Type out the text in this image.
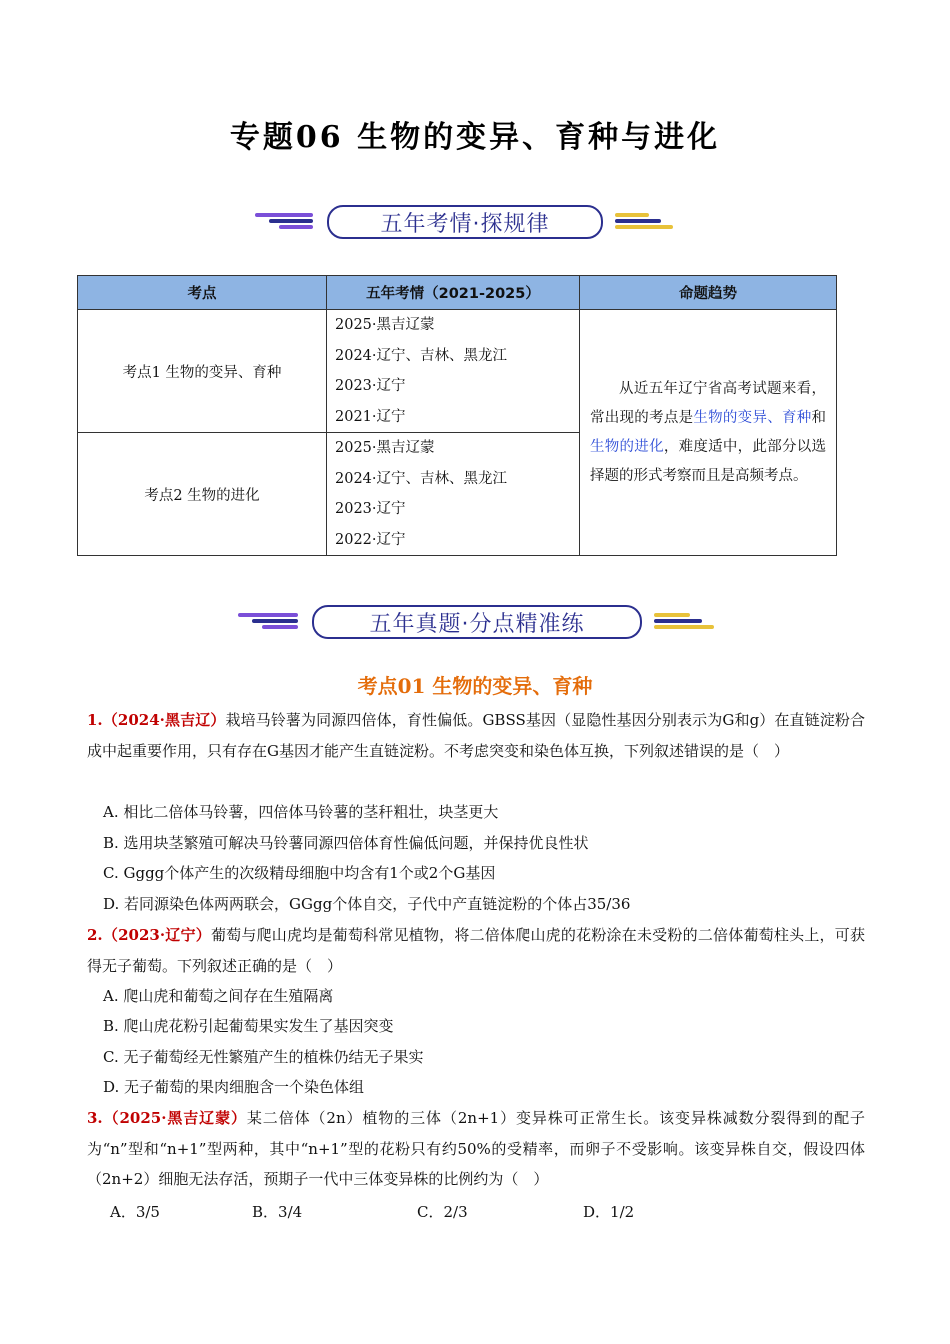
专题06 生物的变异、育种与进化
五年考情·探规律
考点	五年考情（2021-2025）	命题趋势
考点1 生物的变异、育种	2025·黑吉辽蒙
2024·辽宁、吉林、黑龙江
2023·辽宁
2021·辽宁	从近五年辽宁省高考试题来看，常出现的考点是生物的变异、育种和生物的进化，难度适中，此部分以选择题的形式考察而且是高频考点。
考点2 生物的进化	2025·黑吉辽蒙
2024·辽宁、吉林、黑龙江
2023·辽宁
2022·辽宁	
五年真题·分点精准练
考点01 生物的变异、育种
1.（2024·黑吉辽）栽培马铃薯为同源四倍体，育性偏低。GBSS基因（显隐性基因分别表示为G和g）在直链淀粉合成中起重要作用，只有存在G基因才能产生直链淀粉。不考虑突变和染色体互换，下列叙述错误的是（　）
A. 相比二倍体马铃薯，四倍体马铃薯的茎秆粗壮，块茎更大
B. 选用块茎繁殖可解决马铃薯同源四倍体育性偏低问题，并保持优良性状
C. Gggg个体产生的次级精母细胞中均含有1个或2个G基因
D. 若同源染色体两两联会，GGgg个体自交，子代中产直链淀粉的个体占35/36
2.（2023·辽宁）葡萄与爬山虎均是葡萄科常见植物，将二倍体爬山虎的花粉涂在未受粉的二倍体葡萄柱头上，可获得无子葡萄。下列叙述正确的是（　）
A. 爬山虎和葡萄之间存在生殖隔离
B. 爬山虎花粉引起葡萄果实发生了基因突变
C. 无子葡萄经无性繁殖产生的植株仍结无子果实
D. 无子葡萄的果肉细胞含一个染色体组
3.（2025·黑吉辽蒙）某二倍体（2n）植物的三体（2n+1）变异株可正常生长。该变异株减数分裂得到的配子为“n”型和“n+1”型两种，其中“n+1”型的花粉只有约50%的受精率，而卵子不受影响。该变异株自交，假设四体（2n+2）细胞无法存活，预期子一代中三体变异株的比例约为（　）
A．3/5	B．3/4	C．2/3	D．1/2
